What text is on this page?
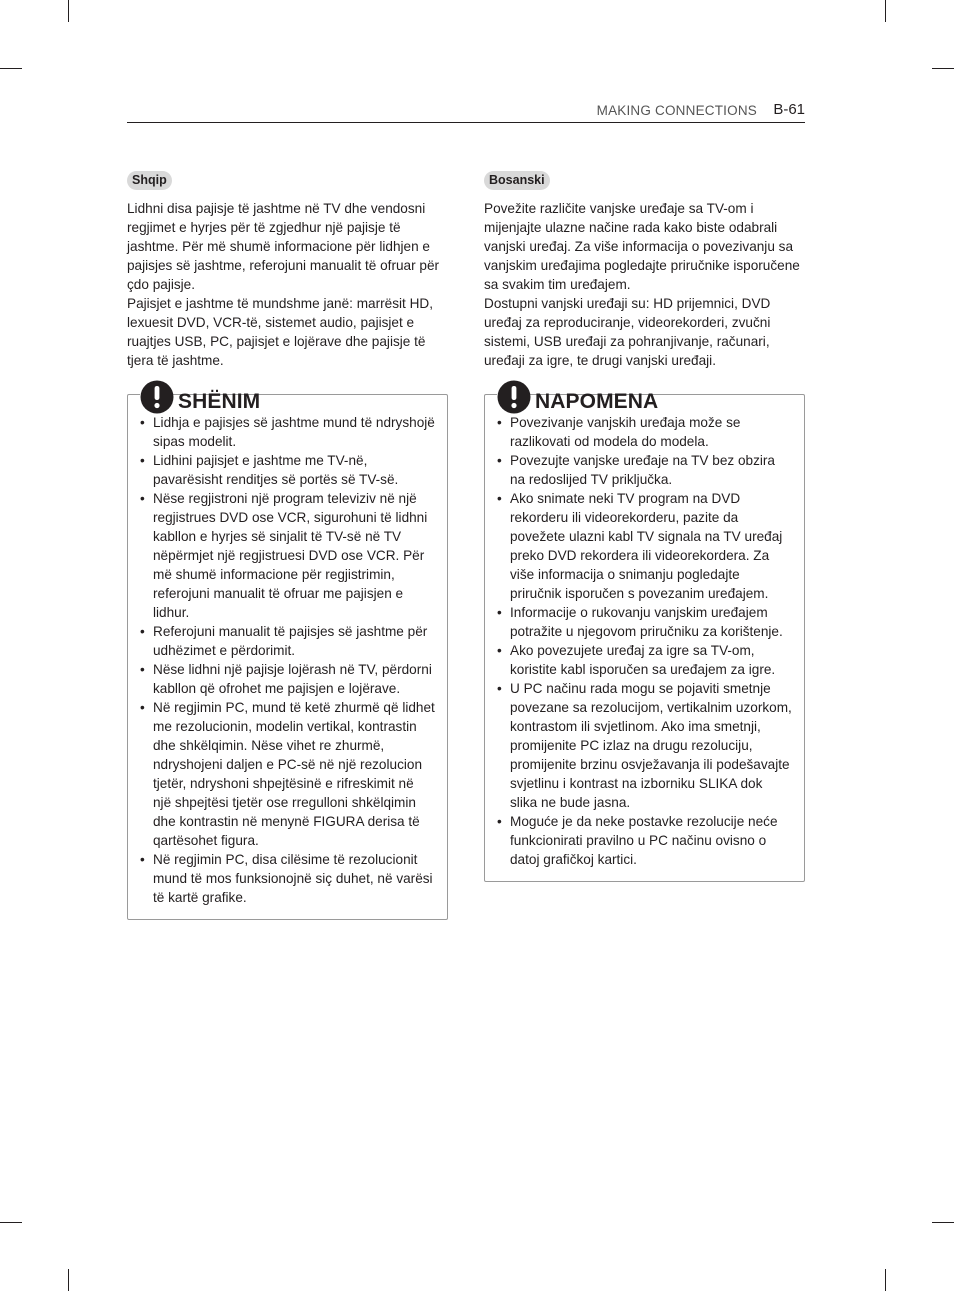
MAKING CONNECTIONS B-61
Shqip

Lidhni disa pajisje të jashtme në TV dhe vendosni regjimet e hyrjes për të zgjedhur një pajisje të jashtme. Për më shumë informacione për lidhjen e pajisjes së jashtme, referojuni manualit të ofruar për çdo pajisje.

Pajisjet e jashtme të mundshme janë: marrësit HD, lexuesit DVD, VCR-të, sistemet audio, pajisjet e ruajtjes USB, PC, pajisjet e lojërave dhe pajisje të tjera të jashtme.

SHËNIM
• Lidhja e pajisjes së jashtme mund të ndryshojë sipas modelit.
• Lidhini pajisjet e jashtme me TV-në, pavarësisht renditjes së portës së TV-së.
• Nëse regjistroni një program televiziv në një regjistrues DVD ose VCR, sigurohuni të lidhni kabllon e hyrjes së sinjalit të TV-së në TV nëpërmjet një regjistruesi DVD ose VCR. Për më shumë informacione për regjistrimin, referojuni manualit të ofruar me pajisjen e lidhur.
• Referojuni manualit të pajisjes së jashtme për udhëzimet e përdorimit.
• Nëse lidhni një pajisje lojërash në TV, përdorni kabllon që ofrohet me pajisjen e lojërave.
• Në regjimin PC, mund të ketë zhurmë që lidhet me rezolucionin, modelin vertikal, kontrastin dhe shkëlqimin. Nëse vihet re zhurmë, ndryshojeni daljen e PC-së në një rezolucion tjetër, ndryshoni shpejtësinë e rifreskimit në një shpejtësi tjetër ose rregulloni shkëlqimin dhe kontrastin në menynë FIGURA derisa të qartësohet figura.
• Në regjimin PC, disa cilësime të rezolucionit mund të mos funksionojnë siç duhet, në varësi të kartë grafike.
Bosanski

Povežite različite vanjske uređaje sa TV-om i mijenjajte ulazne načine rada kako biste odabrali vanjski uređaj. Za više informacija o povezivanju sa vanjskim uređajima pogledajte priručnike isporučene sa svakim tim uređajem.

Dostupni vanjski uređaji su: HD prijemnici, DVD uređaj za reproduciranje, videorekorderi, zvučni sistemi, USB uređaji za pohranjivanje, računari, uređaji za igre, te drugi vanjski uređaji.

NAPOMENA
• Povezivanje vanjskih uređaja može se razlikovati od modela do modela.
• Povezujte vanjske uređaje na TV bez obzira na redoslijed TV priključka.
• Ako snimate neki TV program na DVD rekorderu ili videorekorderu, pazite da povežete ulazni kabl TV signala na TV uređaj preko DVD rekordera ili videorekordera. Za više informacija o snimanju pogledajte priručnik isporučen s povezanim uređajem.
• Informacije o rukovanju vanjskim uređajem potražite u njegovom priručniku za korištenje.
• Ako povezujete uređaj za igre sa TV-om, koristite kabl isporučen sa uređajem za igre.
• U PC načinu rada mogu se pojaviti smetnje povezane sa rezolucijom, vertikalnim uzorkom, kontrastom ili svjetlinom. Ako ima smetnji, promijenite PC izlaz na drugu rezoluciju, promijenite brzinu osvježavanja ili podešavajte svjetlinu i kontrast na izborniku SLIKA dok slika ne bude jasna.
• Moguće je da neke postavke rezolucije neće funkcionirati pravilno u PC načinu ovisno o datoj grafičkoj kartici.
